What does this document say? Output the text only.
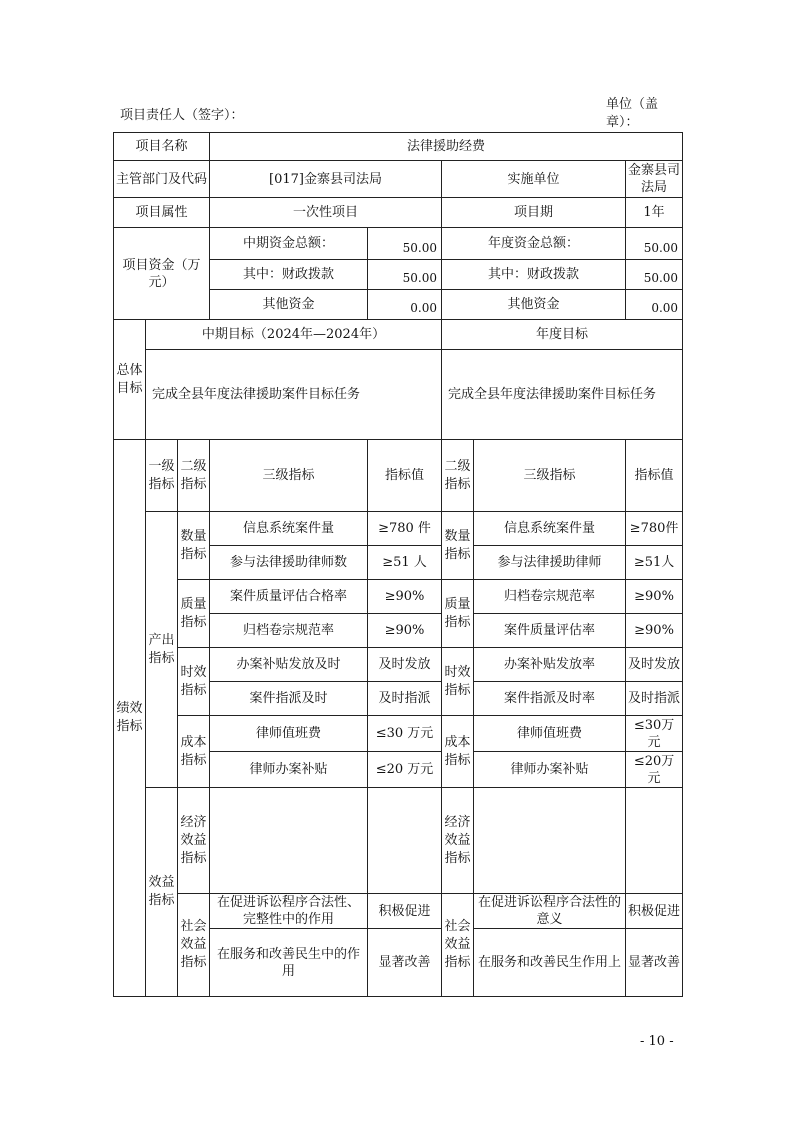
项目责任人（签字）：
单位（盖章）：
项目名称			法律援助经费				
主管部门及代码			[017]金寨县司法局		实施单位		金寨县司法局
项目属性			一次性项目		项目期		1年
项目资金（万元）			中期资金总额：	50.00	年度资金总额：		50.00
			其中：财政拨款	50.00	其中：财政拨款		50.00
			其他资金	0.00	其他资金		0.00
总体目标	中期目标（2024年—2024年）				年度目标		
	完成全县年度法律援助案件目标任务				完成全县年度法律援助案件目标任务		
绩效指标	一级指标	二级指标	三级指标	指标值	二级指标	三级指标	指标值
	产出指标	数量指标	信息系统案件量	≥780 件	数量指标	信息系统案件量	≥780件
			参与法律援助律师数	≥51 人		参与法律援助律师	≥51人
		质量指标	案件质量评估合格率	≥90%	质量指标	归档卷宗规范率	≥90%
			归档卷宗规范率	≥90%		案件质量评估率	≥90%
		时效指标	办案补贴发放及时	及时发放	时效指标	办案补贴发放率	及时发放
			案件指派及时	及时指派		案件指派及时率	及时指派
		成本指标	律师值班费	≤30 万元	成本指标	律师值班费	≤30万元
			律师办案补贴	≤20 万元		律师办案补贴	≤20万元
	效益指标	经济效益指标			经济效益指标		
		社会效益指标	在促进诉讼程序合法性、完整性中的作用	积极促进	社会效益指标	在促进诉讼程序合法性的意义	积极促进
			在服务和改善民生中的作用	显著改善		在服务和改善民生作用上	显著改善
- 10 -
